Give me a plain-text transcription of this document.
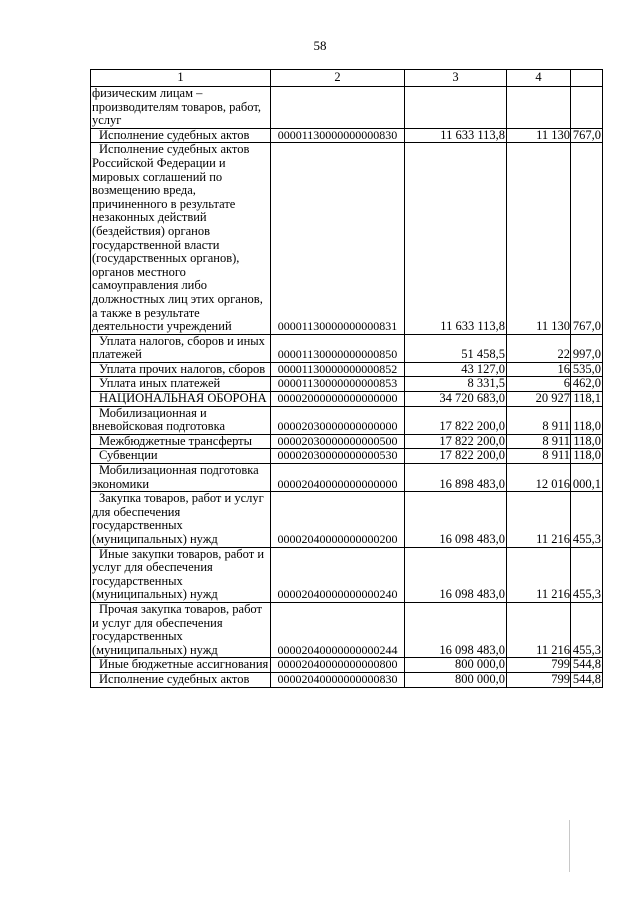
58
1	2	3	4	
физическим лицам – производителям товаров, работ, услуг				
Исполнение судебных актов	00001130000000000830	11 633 113,8	11 130	767,0
Исполнение судебных актов Российской Федерации и мировых соглашений по возмещению вреда, причиненного в результате незаконных действий (бездействия) органов государственной власти (государственных органов), органов местного самоуправления либо должностных лиц этих органов, а также в результате деятельности учреждений	00001130000000000831	11 633 113,8	11 130	767,0
Уплата налогов, сборов и иных платежей	00001130000000000850	51 458,5	22	997,0
Уплата прочих налогов, сборов	00001130000000000852	43 127,0	16	535,0
Уплата иных платежей	00001130000000000853	8 331,5	6	462,0
НАЦИОНАЛЬНАЯ ОБОРОНА	00002000000000000000	34 720 683,0	20 927	118,1
Мобилизационная и вневойсковая подготовка	00002030000000000000	17 822 200,0	8 911	118,0
Межбюджетные трансферты	00002030000000000500	17 822 200,0	8 911	118,0
Субвенции	00002030000000000530	17 822 200,0	8 911	118,0
Мобилизационная подготовка экономики	00002040000000000000	16 898 483,0	12 016	000,1
Закупка товаров, работ и услуг для обеспечения государственных (муниципальных) нужд	00002040000000000200	16 098 483,0	11 216	455,3
Иные закупки товаров, работ и услуг для обеспечения государственных (муниципальных) нужд	00002040000000000240	16 098 483,0	11 216	455,3
Прочая закупка товаров, работ и услуг для обеспечения государственных (муниципальных) нужд	00002040000000000244	16 098 483,0	11 216	455,3
Иные бюджетные ассигнования	00002040000000000800	800 000,0	799	544,8
Исполнение судебных актов	00002040000000000830	800 000,0	799	544,8
